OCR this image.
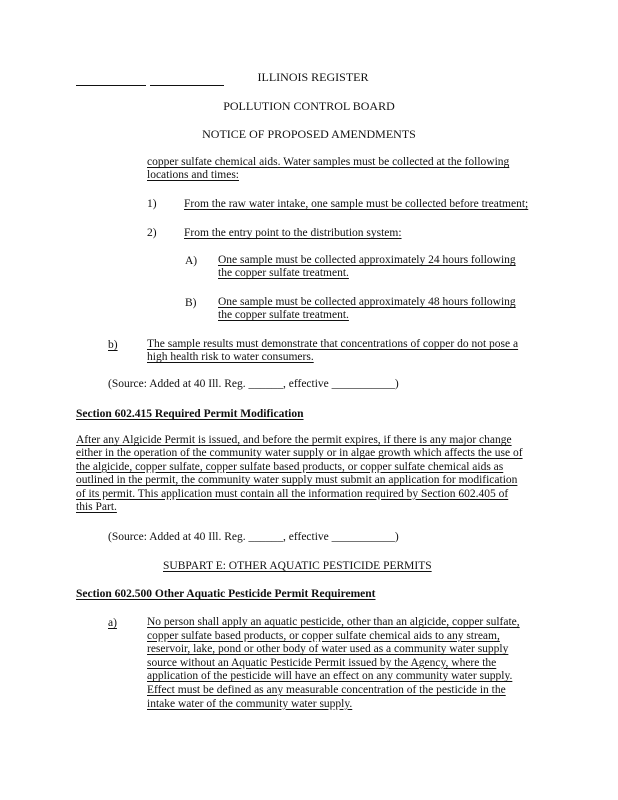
ILLINOIS REGISTER
POLLUTION CONTROL BOARD
NOTICE OF PROPOSED AMENDMENTS
copper sulfate chemical aids. Water samples must be collected at the following
locations and times:
1) From the raw water intake, one sample must be collected before treatment;
2) From the entry point to the distribution system:
A) One sample must be collected approximately 24 hours following
the copper sulfate treatment.
B) One sample must be collected approximately 48 hours following
the copper sulfate treatment.
b)	The sample results must demonstrate that concentrations of copper do not pose a
high health risk to water consumers.
(Source: Added at 40 Ill. Reg. ______, effective ___________)
Section 602.415 Required Permit Modification
After any Algicide Permit is issued, and before the permit expires, if there is any major change
either in the operation of the community water supply or in algae growth which affects the use of
the algicide, copper sulfate, copper sulfate based products, or copper sulfate chemical aids as
outlined in the permit, the community water supply must submit an application for modification
of its permit. This application must contain all the information required by Section 602.405 of
this Part.
(Source: Added at 40 Ill. Reg. ______, effective ___________)
SUBPART E: OTHER AQUATIC PESTICIDE PERMITS
Section 602.500 Other Aquatic Pesticide Permit Requirement
a)	No person shall apply an aquatic pesticide, other than an algicide, copper sulfate,
copper sulfate based products, or copper sulfate chemical aids to any stream,
reservoir, lake, pond or other body of water used as a community water supply
source without an Aquatic Pesticide Permit issued by the Agency, where the
application of the pesticide will have an effect on any community water supply.
Effect must be defined as any measurable concentration of the pesticide in the
intake water of the community water supply.
